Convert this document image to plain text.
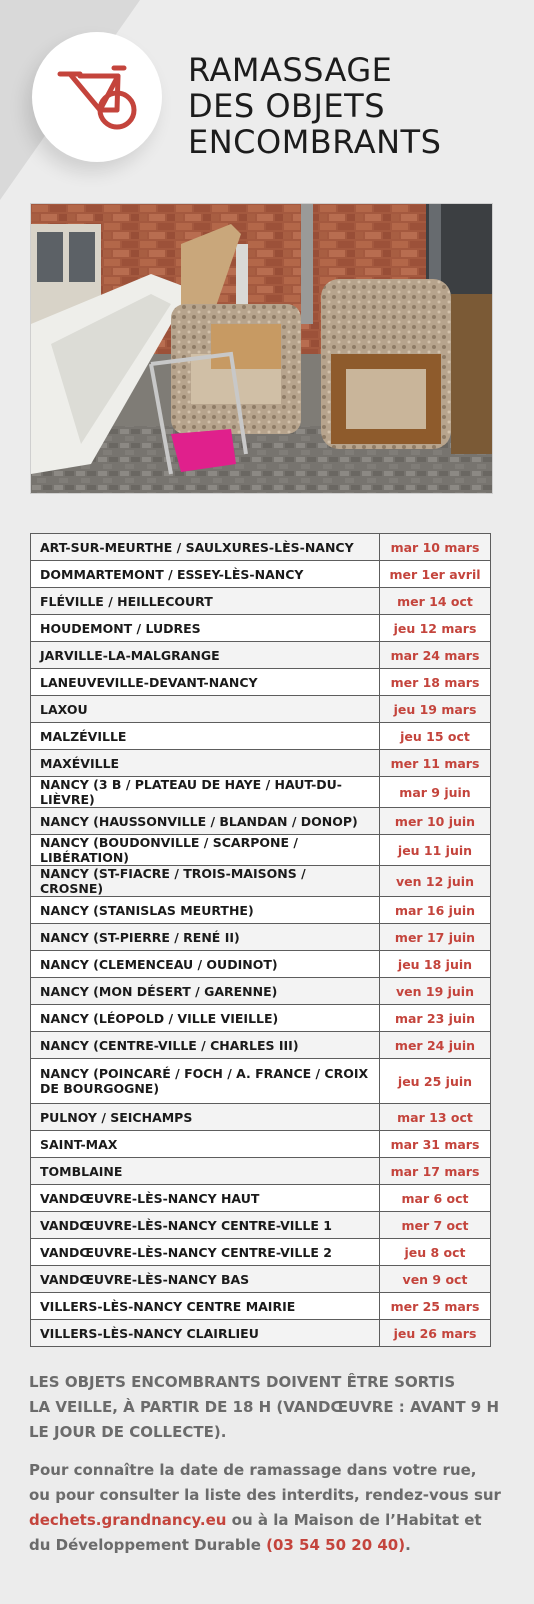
RAMASSAGE
DES OBJETS
ENCOMBRANTS
ART-SUR-MEURTHE / SAULXURES-LÈS-NANCY	mar 10 mars
DOMMARTEMONT / ESSEY-LÈS-NANCY	mer 1er avril
FLÉVILLE / HEILLECOURT	mer 14 oct
HOUDEMONT / LUDRES	jeu 12 mars
JARVILLE-LA-MALGRANGE	mar 24 mars
LANEUVEVILLE-DEVANT-NANCY	mer 18 mars
LAXOU	jeu 19 mars
MALZÉVILLE	jeu 15 oct
MAXÉVILLE	mer 11 mars
NANCY (3 B / PLATEAU DE HAYE / HAUT-DU-LIÈVRE)	mar 9 juin
NANCY (HAUSSONVILLE / BLANDAN / DONOP)	mer 10 juin
NANCY (BOUDONVILLE / SCARPONE / LIBÉRATION)	jeu 11 juin
NANCY (ST-FIACRE / TROIS-MAISONS / CROSNE)	ven 12 juin
NANCY (STANISLAS MEURTHE)	mar 16 juin
NANCY (ST-PIERRE / RENÉ II)	mer 17 juin
NANCY (CLEMENCEAU / OUDINOT)	jeu 18 juin
NANCY (MON DÉSERT / GARENNE)	ven 19 juin
NANCY (LÉOPOLD / VILLE VIEILLE)	mar 23 juin
NANCY (CENTRE-VILLE / CHARLES III)	mer 24 juin
NANCY (POINCARÉ / FOCH / A. FRANCE / CROIX DE BOURGOGNE)	jeu 25 juin
PULNOY / SEICHAMPS	mar 13 oct
SAINT-MAX	mar 31 mars
TOMBLAINE	mar 17 mars
VANDŒUVRE-LÈS-NANCY HAUT	mar 6 oct
VANDŒUVRE-LÈS-NANCY CENTRE-VILLE 1	mer 7 oct
VANDŒUVRE-LÈS-NANCY CENTRE-VILLE 2	jeu 8 oct
VANDŒUVRE-LÈS-NANCY BAS	ven 9 oct
VILLERS-LÈS-NANCY CENTRE MAIRIE	mer 25 mars
VILLERS-LÈS-NANCY CLAIRLIEU	jeu 26 mars

LES OBJETS ENCOMBRANTS DOIVENT ÊTRE SORTIS
LA VEILLE, À PARTIR DE 18 H (VANDŒUVRE : AVANT 9 H
LE JOUR DE COLLECTE).

Pour connaître la date de ramassage dans votre rue,
ou pour consulter la liste des interdits, rendez-vous sur
dechets.grandnancy.eu ou à la Maison de l’Habitat et
du Développement Durable (03 54 50 20 40).
